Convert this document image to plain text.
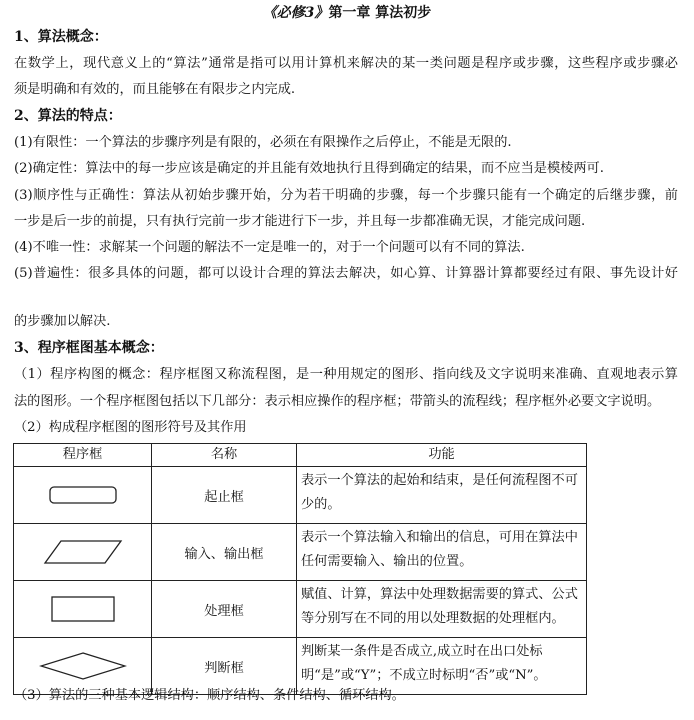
《必修3》第一章 算法初步
1、算法概念：
在数学上，现代意义上的“算法”通常是指可以用计算机来解决的某一类问题是程序或步骤，这些程序或步骤必
须是明确和有效的，而且能够在有限步之内完成.
2、算法的特点：
(1)有限性：一个算法的步骤序列是有限的，必须在有限操作之后停止，不能是无限的.
(2)确定性：算法中的每一步应该是确定的并且能有效地执行且得到确定的结果，而不应当是模棱两可.
(3)顺序性与正确性：算法从初始步骤开始，分为若干明确的步骤，每一个步骤只能有一个确定的后继步骤，前
一步是后一步的前提，只有执行完前一步才能进行下一步，并且每一步都准确无误，才能完成问题.
(4)不唯一性：求解某一个问题的解法不一定是唯一的，对于一个问题可以有不同的算法.
(5)普遍性：很多具体的问题，都可以设计合理的算法去解决，如心算、计算器计算都要经过有限、事先设计好
的步骤加以解决.
3、程序框图基本概念：
（1）程序构图的概念：程序框图又称流程图，是一种用规定的图形、指向线及文字说明来准确、直观地表示算
法的图形。一个程序框图包括以下几部分：表示相应操作的程序框；带箭头的流程线；程序框外必要文字说明。
（2）构成程序框图的图形符号及其作用
程序框	名称	功能

	起止框	表示一个算法的起始和结束，是任何流程图不可少的。

	输入、输出框	表示一个算法输入和输出的信息，可用在算法中任何需要输入、输出的位置。

	处理框	赋值、计算，算法中处理数据需要的算式、公式等分别写在不同的用以处理数据的处理框内。

	判断框	判断某一条件是否成立,成立时在出口处标明“是”或“Y”；不成立时标明“否”或“N”。
（3）算法的三种基本逻辑结构：顺序结构、条件结构、循环结构。
